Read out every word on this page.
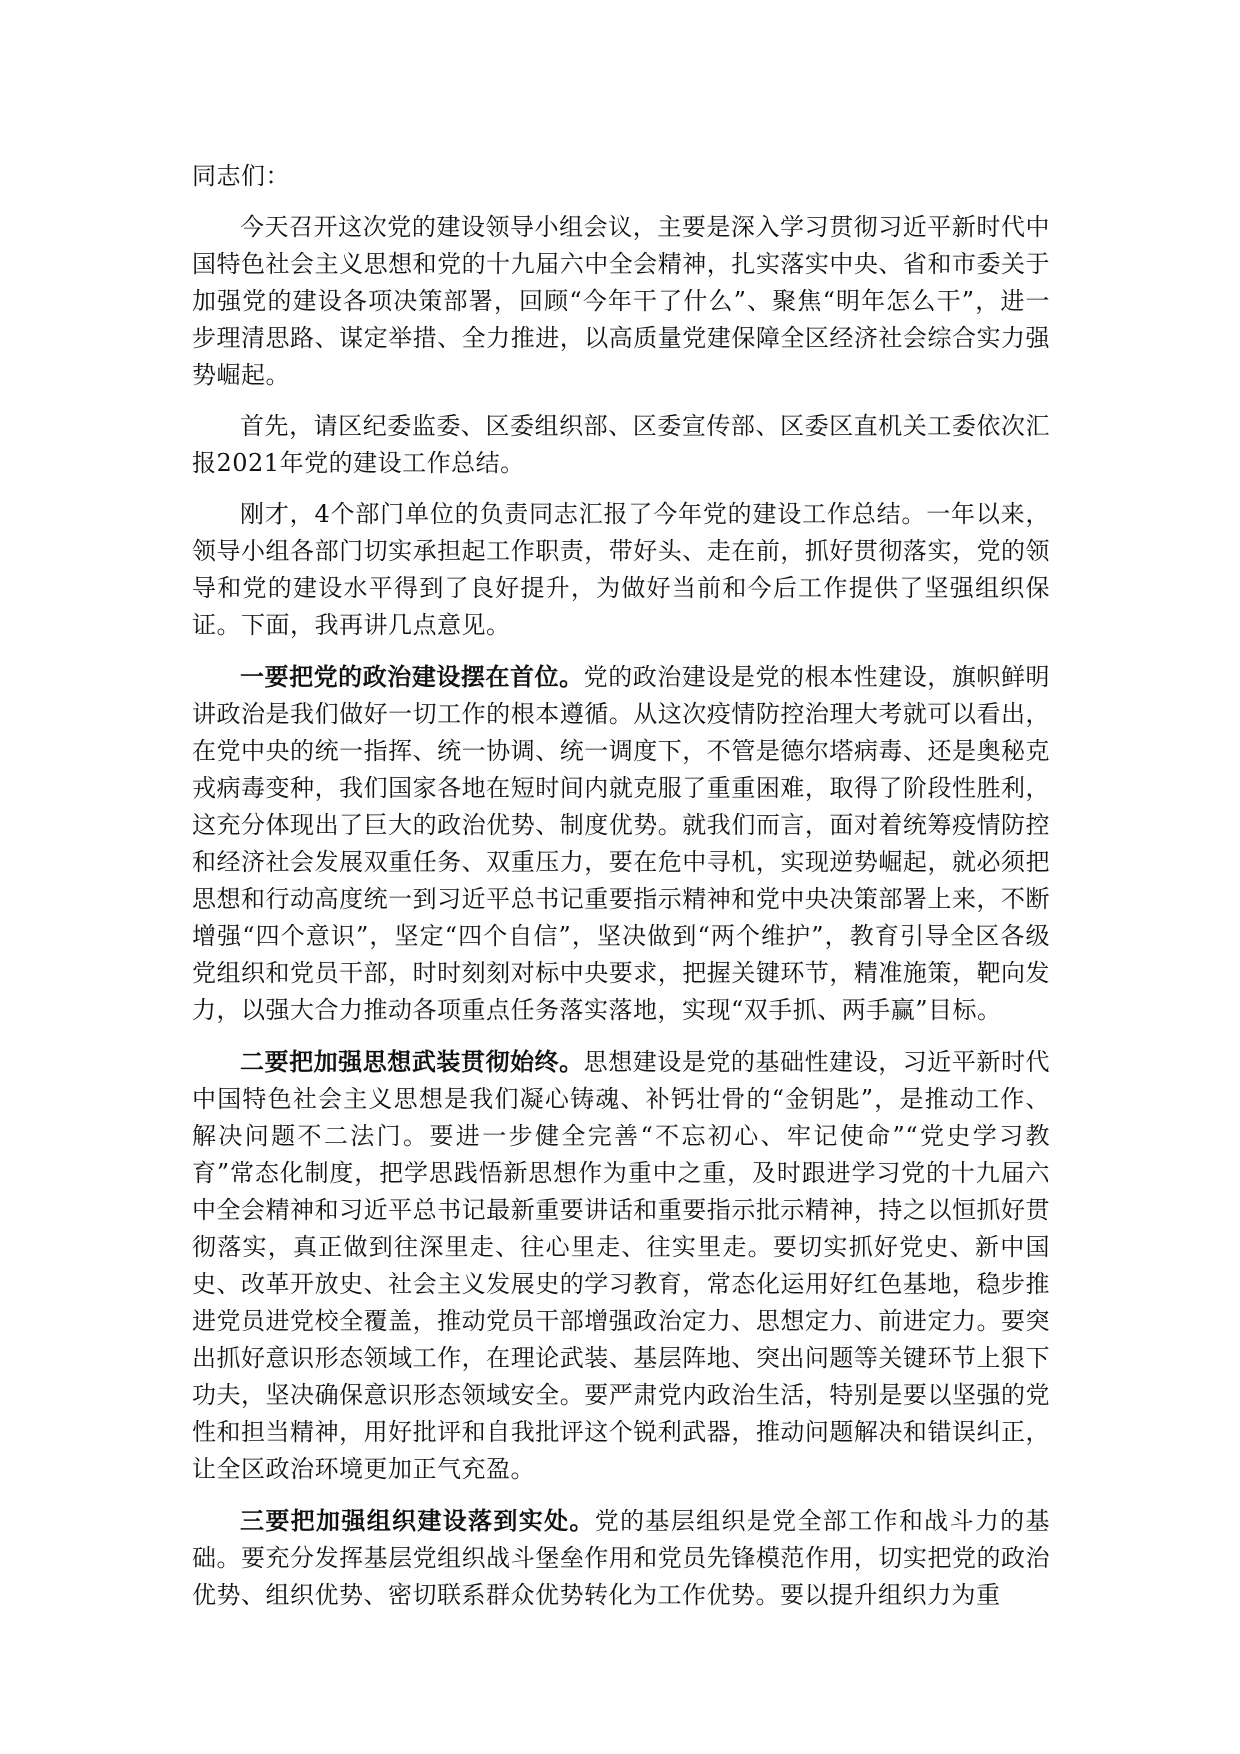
同志们：

今天召开这次党的建设领导小组会议，主要是深入学习贯彻习近平新时代中国特色社会主义思想和党的十九届六中全会精神，扎实落实中央、省和市委关于加强党的建设各项决策部署，回顾“今年干了什么”、聚焦“明年怎么干”，进一步理清思路、谋定举措、全力推进，以高质量党建保障全区经济社会综合实力强势崛起。

首先，请区纪委监委、区委组织部、区委宣传部、区委区直机关工委依次汇报2021年党的建设工作总结。

刚才，4个部门单位的负责同志汇报了今年党的建设工作总结。一年以来，领导小组各部门切实承担起工作职责，带好头、走在前，抓好贯彻落实，党的领导和党的建设水平得到了良好提升，为做好当前和今后工作提供了坚强组织保证。下面，我再讲几点意见。

一要把党的政治建设摆在首位。党的政治建设是党的根本性建设，旗帜鲜明讲政治是我们做好一切工作的根本遵循。从这次疫情防控治理大考就可以看出，在党中央的统一指挥、统一协调、统一调度下，不管是德尔塔病毒、还是奥秘克戎病毒变种，我们国家各地在短时间内就克服了重重困难，取得了阶段性胜利，这充分体现出了巨大的政治优势、制度优势。就我们而言，面对着统筹疫情防控和经济社会发展双重任务、双重压力，要在危中寻机，实现逆势崛起，就必须把思想和行动高度统一到习近平总书记重要指示精神和党中央决策部署上来，不断增强“四个意识”，坚定“四个自信”，坚决做到“两个维护”，教育引导全区各级党组织和党员干部，时时刻刻对标中央要求，把握关键环节，精准施策，靶向发力，以强大合力推动各项重点任务落实落地，实现“双手抓、两手赢”目标。

二要把加强思想武装贯彻始终。思想建设是党的基础性建设，习近平新时代中国特色社会主义思想是我们凝心铸魂、补钙壮骨的“金钥匙”，是推动工作、解决问题不二法门。要进一步健全完善“不忘初心、牢记使命”“党史学习教育”常态化制度，把学思践悟新思想作为重中之重，及时跟进学习党的十九届六中全会精神和习近平总书记最新重要讲话和重要指示批示精神，持之以恒抓好贯彻落实，真正做到往深里走、往心里走、往实里走。要切实抓好党史、新中国史、改革开放史、社会主义发展史的学习教育，常态化运用好红色基地，稳步推进党员进党校全覆盖，推动党员干部增强政治定力、思想定力、前进定力。要突出抓好意识形态领域工作，在理论武装、基层阵地、突出问题等关键环节上狠下功夫，坚决确保意识形态领域安全。要严肃党内政治生活，特别是要以坚强的党性和担当精神，用好批评和自我批评这个锐利武器，推动问题解决和错误纠正，让全区政治环境更加正气充盈。

三要把加强组织建设落到实处。党的基层组织是党全部工作和战斗力的基础。要充分发挥基层党组织战斗堡垒作用和党员先锋模范作用，切实把党的政治优势、组织优势、密切联系群众优势转化为工作优势。要以提升组织力为重
